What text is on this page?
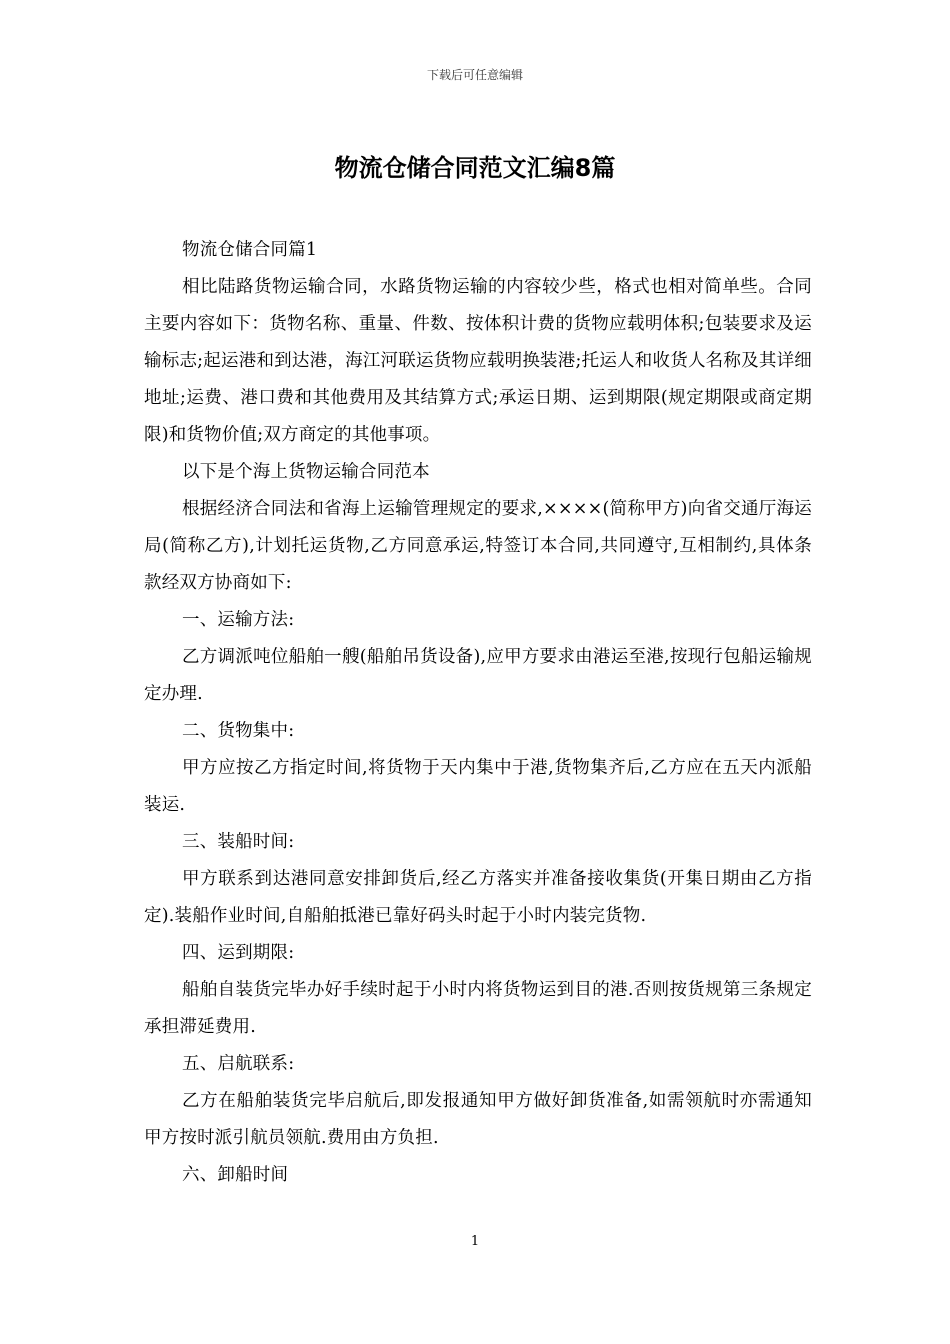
下载后可任意编辑
物流仓储合同范文汇编8篇

物流仓储合同篇1

相比陆路货物运输合同，水路货物运输的内容较少些，格式也相对简单些。合同主要内容如下：货物名称、重量、件数、按体积计费的货物应载明体积;包装要求及运输标志;起运港和到达港，海江河联运货物应载明换装港;托运人和收货人名称及其详细地址;运费、港口费和其他费用及其结算方式;承运日期、运到期限(规定期限或商定期限)和货物价值;双方商定的其他事项。

以下是个海上货物运输合同范本

根据经济合同法和省海上运输管理规定的要求,××××(简称甲方)向省交通厅海运局(简称乙方),计划托运货物,乙方同意承运,特签订本合同,共同遵守,互相制约,具体条款经双方协商如下:

一、运输方法:

乙方调派吨位船舶一艘(船舶吊货设备),应甲方要求由港运至港,按现行包船运输规定办理.

二、货物集中:

甲方应按乙方指定时间,将货物于天内集中于港,货物集齐后,乙方应在五天内派船装运.

三、装船时间:

甲方联系到达港同意安排卸货后,经乙方落实并准备接收集货(开集日期由乙方指定).装船作业时间,自船舶抵港已靠好码头时起于小时内装完货物.

四、运到期限:

船舶自装货完毕办好手续时起于小时内将货物运到目的港.否则按货规第三条规定承担滞延费用.

五、启航联系:

乙方在船舶装货完毕启航后,即发报通知甲方做好卸货准备,如需领航时亦需通知甲方按时派引航员领航.费用由方负担.

六、卸船时间

1
